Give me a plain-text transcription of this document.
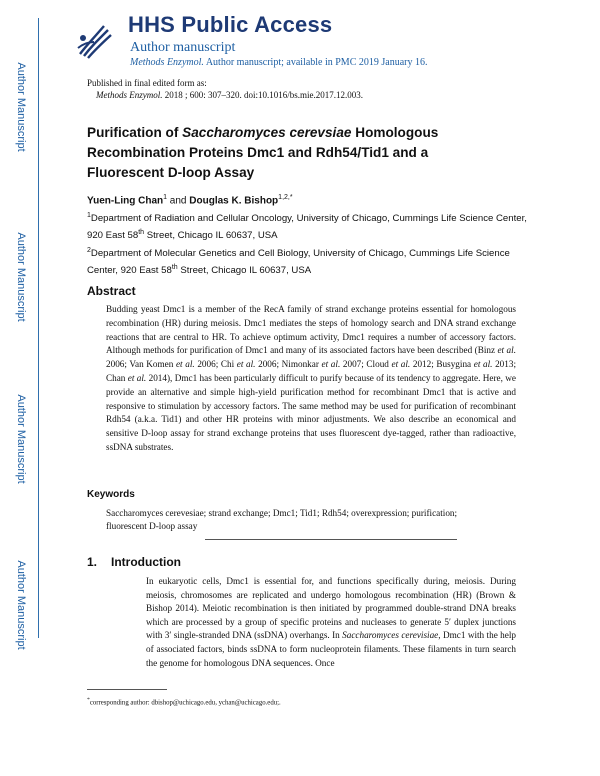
Author Manuscript
Author Manuscript
Author Manuscript
Author Manuscript
HHS Public Access

Author manuscript

Methods Enzymol. Author manuscript; available in PMC 2019 January 16.

Published in final edited form as:

Methods Enzymol. 2018 ; 600: 307–320. doi:10.1016/bs.mie.2017.12.003.

Purification of Saccharomyces cerevsiae Homologous Recombination Proteins Dmc1 and Rdh54/Tid1 and a Fluorescent D-loop Assay

Yuen-Ling Chan$^1$ and Douglas K. Bishop$^{1,2,*}$

$^1$Department of Radiation and Cellular Oncology, University of Chicago, Cummings Life Science Center, 920 East 58th Street, Chicago IL 60637, USA

$^2$Department of Molecular Genetics and Cell Biology, University of Chicago, Cummings Life Science Center, 920 East 58th Street, Chicago IL 60637, USA

Abstract

Budding yeast Dmc1 is a member of the RecA family of strand exchange proteins essential for homologous recombination (HR) during meiosis. Dmc1 mediates the steps of homology search and DNA strand exchange reactions that are central to HR. To achieve optimum activity, Dmc1 requires a number of accessory factors. Although methods for purification of Dmc1 and many of its associated factors have been described (Binz et al. 2006; Van Komen et al. 2006; Chi et al. 2006; Nimonkar et al. 2007; Cloud et al. 2012; Busygina et al. 2013; Chan et al. 2014), Dmc1 has been particularly difficult to purify because of its tendency to aggregate. Here, we provide an alternative and simple high-yield purification method for recombinant Dmc1 that is active and responsive to stimulation by accessory factors. The same method may be used for purification of recombinant Rdh54 (a.k.a. Tid1) and other HR proteins with minor adjustments. We also describe an economical and sensitive D-loop assay for strand exchange proteins that uses fluorescent dye-tagged, rather than radioactive, ssDNA substrates.

Keywords

Saccharomyces cerevesiae; strand exchange; Dmc1; Tid1; Rdh54; overexpression; purification; fluorescent D-loop assay

1. Introduction

In eukaryotic cells, Dmc1 is essential for, and functions specifically during, meiosis. During meiosis, chromosomes are replicated and undergo homologous recombination (HR) (Brown & Bishop 2014). Meiotic recombination is then initiated by programmed double-strand DNA breaks which are processed by a group of specific proteins and nucleases to generate 5′ duplex junctions with 3′ single-stranded DNA (ssDNA) overhangs. In Saccharomyces cerevisiae, Dmc1 with the help of associated factors, binds ssDNA to form nucleoprotein filaments. These filaments in turn search the genome for homologous DNA sequences. Once

*corresponding author: dbishop@uchicago.edu, ychan@uchicago.edu;.
